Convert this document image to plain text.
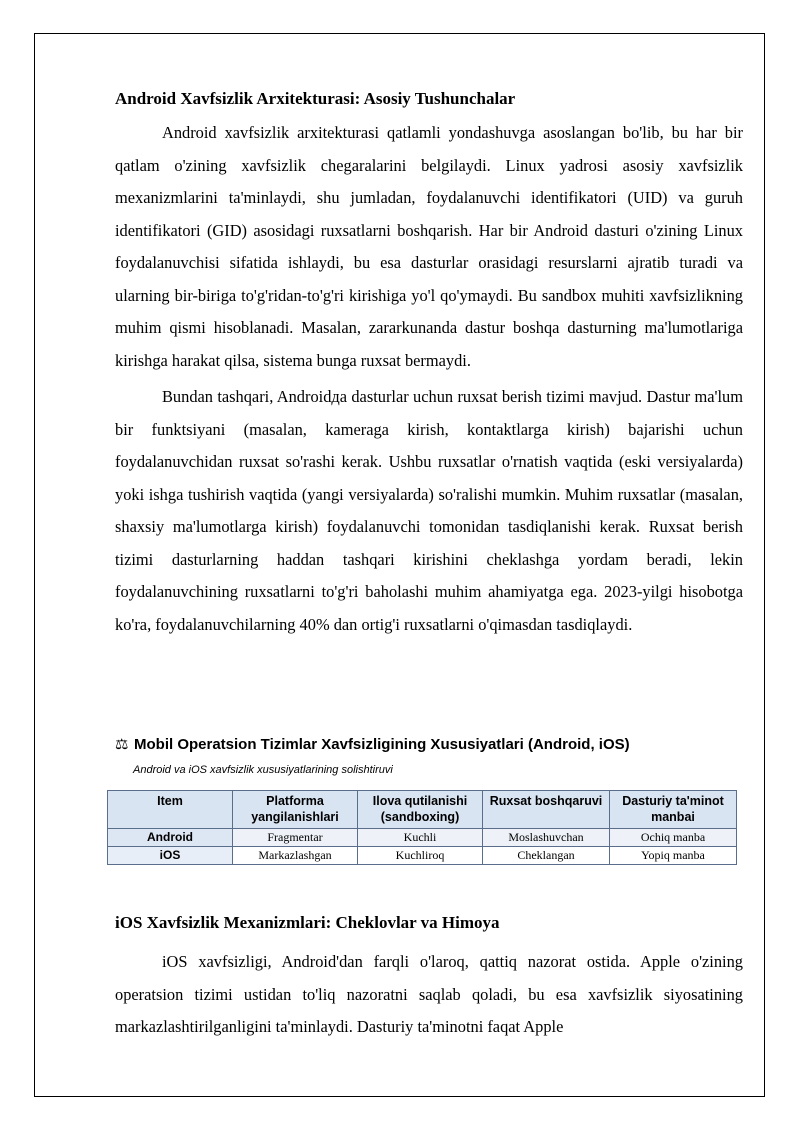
Android Xavfsizlik Arxitekturasi: Asosiy Tushunchalar

Android xavfsizlik arxitekturasi qatlamli yondashuvga asoslangan bo'lib, bu har bir qatlam o'zining xavfsizlik chegaralarini belgilaydi. Linux yadrosi asosiy xavfsizlik mexanizmlarini ta'minlaydi, shu jumladan, foydalanuvchi identifikatori (UID) va guruh identifikatori (GID) asosidagi ruxsatlarni boshqarish. Har bir Android dasturi o'zining Linux foydalanuvchisi sifatida ishlaydi, bu esa dasturlar orasidagi resurslarni ajratib turadi va ularning bir-biriga to'g'ridan-to'g'ri kirishiga yo'l qo'ymaydi. Bu sandbox muhiti xavfsizlikning muhim qismi hisoblanadi. Masalan, zararkunanda dastur boshqa dasturning ma'lumotlariga kirishga harakat qilsa, sistema bunga ruxsat bermaydi.

Bundan tashqari, Androidда dasturlar uchun ruxsat berish tizimi mavjud. Dastur ma'lum bir funktsiyani (masalan, kameraga kirish, kontaktlarga kirish) bajarishi uchun foydalanuvchidan ruxsat so'rashi kerak. Ushbu ruxsatlar o'rnatish vaqtida (eski versiyalarda) yoki ishga tushirish vaqtida (yangi versiyalarda) so'ralishi mumkin. Muhim ruxsatlar (masalan, shaxsiy ma'lumotlarga kirish) foydalanuvchi tomonidan tasdiqlanishi kerak. Ruxsat berish tizimi dasturlarning haddan tashqari kirishini cheklashga yordam beradi, lekin foydalanuvchining ruxsatlarni to'g'ri baholashi muhim ahamiyatga ega. 2023-yilgi hisobotga ko'ra, foydalanuvchilarning 40% dan ortig'i ruxsatlarni o'qimasdan tasdiqlaydi.

⚖ Mobil Operatsion Tizimlar Xavfsizligining Xususiyatlari (Android, iOS)
Android va iOS xavfsizlik xususiyatlarining solishtiruvi
Item	Platforma yangilanishlari	Ilova qutilanishi (sandboxing)	Ruxsat boshqaruvi	Dasturiy ta'minot manbai
Android	Fragmentar	Kuchli	Moslashuvchan	Ochiq manba
iOS	Markazlashgan	Kuchliroq	Cheklangan	Yopiq manba
iOS Xavfsizlik Mexanizmlari: Cheklovlar va Himoya

iOS xavfsizligi, Android'dan farqli o'laroq, qattiq nazorat ostida. Apple o'zining operatsion tizimi ustidan to'liq nazoratni saqlab qoladi, bu esa xavfsizlik siyosatining markazlashtirilganligini ta'minlaydi. Dasturiy ta'minotni faqat Apple
